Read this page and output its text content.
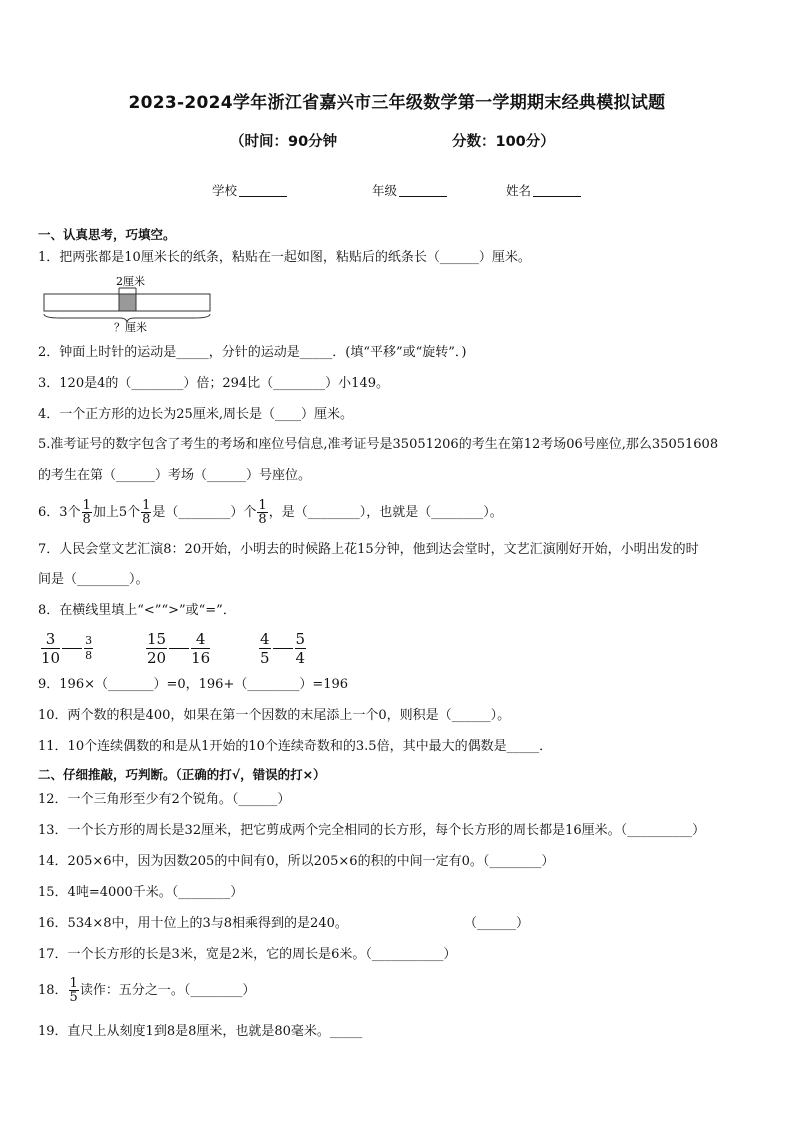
2023-2024学年浙江省嘉兴市三年级数学第一学期期末经典模拟试题
（时间：90分钟	分数：100分）
学校	年级	姓名
一、认真思考，巧填空。
1．把两张都是10厘米长的纸条，粘贴在一起如图，粘贴后的纸条长（______）厘米。
2厘米
？厘米
2．钟面上时针的运动是_____，分针的运动是_____．(填“平移”或“旋转”．)
3．120是4的（________）倍；294比（________）小149。
4．一个正方形的边长为25厘米,周长是（____）厘米。
5.准考证号的数字包含了考生的考场和座位号信息,准考证号是35051206的考生在第12考场06号座位,那么35051608
的考生在第（______）考场（______）号座位。
6．3个 $\frac{1}{8}$ 加上5个 $\frac{1}{8}$ 是（________）个 $\frac{1}{8}$ ，是（________），也就是（________）。
7．人民会堂文艺汇演8：20开始，小明去的时候路上花15分钟，他到达会堂时，文艺汇演刚好开始，小明出发的时
间是（________）。
8．在横线里填上“<”“>”或“=”．
$\frac{3}{10} \frac{3}{8}$	$\frac{15}{20} \frac{4}{16}$	$\frac{4}{5} \frac{5}{4}$
9．196×（_______）=0，196+（________）=196
10．两个数的积是400，如果在第一个因数的末尾添上一个0，则积是（______）。
11．10个连续偶数的和是从1开始的10个连续奇数和的3.5倍，其中最大的偶数是_____．
二、仔细推敲，巧判断。（正确的打√，错误的打×）
12．一个三角形至少有2个锐角。（______）
13．一个长方形的周长是32厘米，把它剪成两个完全相同的长方形，每个长方形的周长都是16厘米。（__________）
14．205×6中，因为因数205的中间有0，所以205×6的积的中间一定有0。（________）
15．4吨=4000千米。（________）
16．534×8中，用十位上的3与8相乘得到的是240。	（______）
17．一个长方形的长是3米，宽是2米，它的周长是6米。（___________）
18． $\frac{1}{5}$ 读作：五分之一。（________）
19．直尺上从刻度1到8是8厘米，也就是80毫米。_____
